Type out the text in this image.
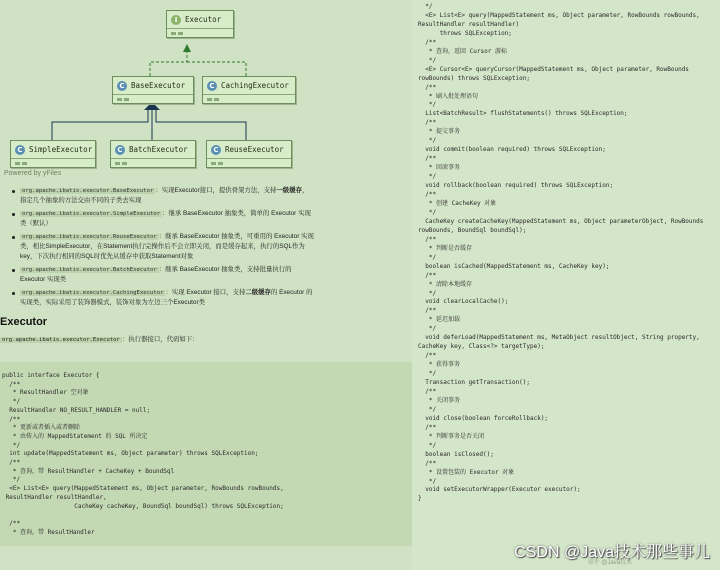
I	Executor
C BaseExecutor	C CachingExecutor
C SimpleExecutor	C BatchExecutor	C ReuseExecutor
Powered by yFiles
org.apache.ibatis.executor.BaseExecutor ：实现Executor接口，提供骨架方法，支持一级缓存，指定几个抽象的方法交由不同的子类去实现
org.apache.ibatis.executor.SimpleExecutor ：继承 BaseExecutor 抽象类，简单的 Executor 实现类（默认）
org.apache.ibatis.executor.ReuseExecutor ：继承 BaseExecutor 抽象类，可重用的 Executor 实现类，相比SimpleExecutor，在Statement执行完操作后不会立即关闭，而是缓存起来，执行的SQL作为key，下次执行相同的SQL时优先从缓存中获取Statement对象
org.apache.ibatis.executor.BatchExecutor ：继承 BaseExecutor 抽象类，支持批量执行的 Executor 实现类
org.apache.ibatis.executor.CachingExecutor ：实现 Executor 接口，支持二级缓存的 Executor 的实现类，实际采用了装饰器模式，装饰对象为左边三个Executor类
Executor
org.apache.ibatis.executor.Executor ：执行器接口，代码如下：
public interface Executor {
/**
* ResultHandler 空对象
*/
ResultHandler NO_RESULT_HANDLER = null;
/**
* 更新或者插入或者删除
* 由传入的 MappedStatement 的 SQL 所决定
*/
int update(MappedStatement ms, Object parameter) throws SQLException;
/**
* 查询，带 ResultHandler + CacheKey + BoundSql
*/
<E> List<E> query(MappedStatement ms, Object parameter, RowBounds rowBounds,
ResultHandler resultHandler,
CacheKey cacheKey, BoundSql boundSql) throws SQLException;

/**
* 查询，带 ResultHandler
*/
<E> List<E> query(MappedStatement ms, Object parameter, RowBounds rowBounds,
ResultHandler resultHandler)
throws SQLException;
/**
* 查询，返回 Cursor 游标
*/
<E> Cursor<E> queryCursor(MappedStatement ms, Object parameter, RowBounds
rowBounds) throws SQLException;
/**
* 刷入批处理语句
*/
List<BatchResult> flushStatements() throws SQLException;
/**
* 提交事务
*/
void commit(boolean required) throws SQLException;
/**
* 回滚事务
*/
void rollback(boolean required) throws SQLException;
/**
* 创建 CacheKey 对象
*/
CacheKey createCacheKey(MappedStatement ms, Object parameterObject, RowBounds
rowBounds, BoundSql boundSql);
/**
* 判断是否缓存
*/
boolean isCached(MappedStatement ms, CacheKey key);
/**
* 清除本地缓存
*/
void clearLocalCache();
/**
* 延迟加载
*/
void deferLoad(MappedStatement ms, MetaObject resultObject, String property,
CacheKey key, Class<?> targetType);
/**
* 获得事务
*/
Transaction getTransaction();
/**
* 关闭事务
*/
void close(boolean forceRollback);
/**
* 判断事务是否关闭
*/
boolean isClosed();
/**
* 设置包装的 Executor 对象
*/
void setExecutorWrapper(Executor executor);
}
知乎 @Java技术
CSDN @Java技术那些事儿
